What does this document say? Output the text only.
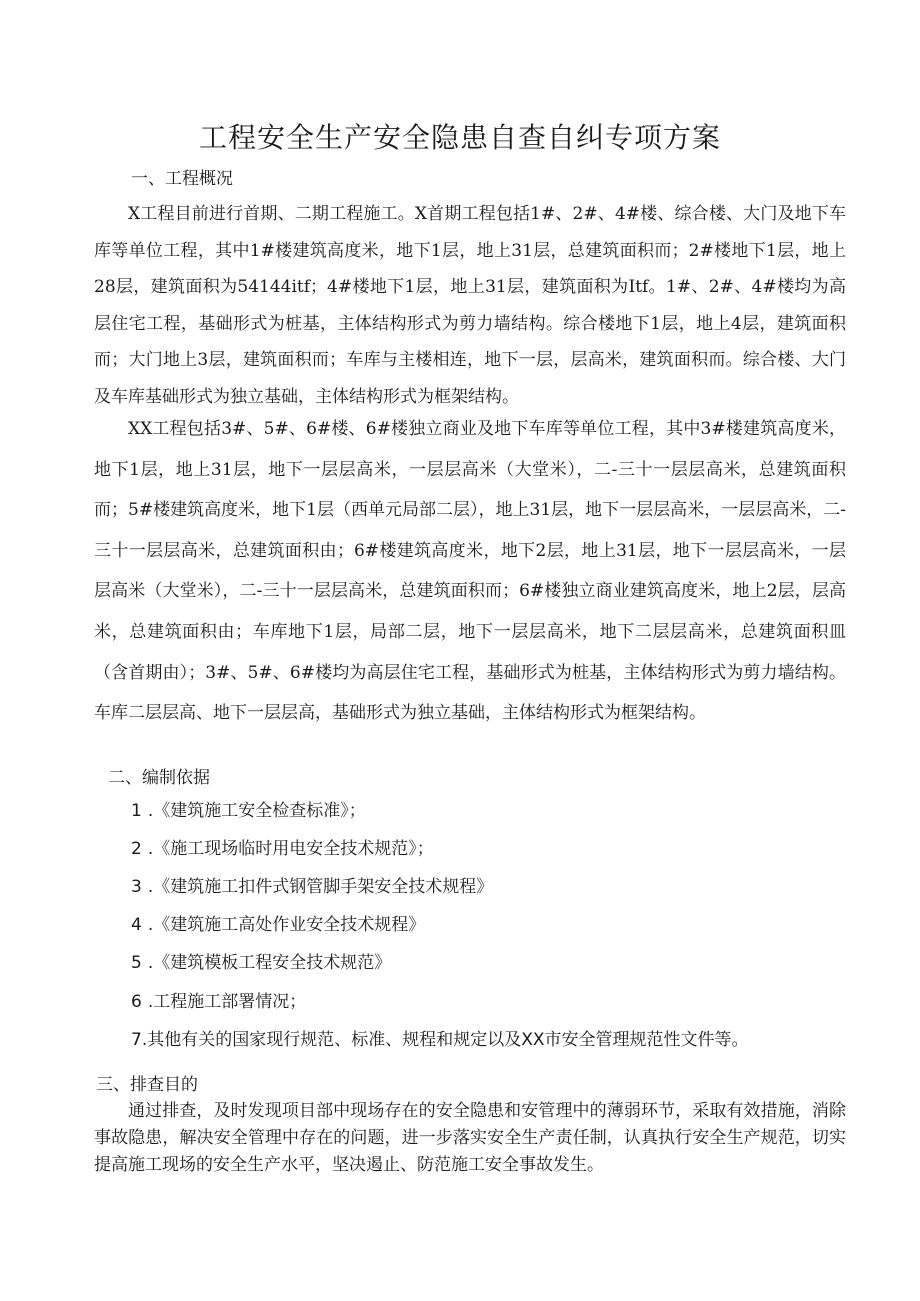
工程安全生产安全隐患自查自纠专项方案
一、工程概况

X工程目前进行首期、二期工程施工。X首期工程包括1#、2#、4#楼、综合楼、大门及地下车库等单位工程，其中1#楼建筑高度米，地下1层，地上31层，总建筑面积而；2#楼地下1层，地上28层，建筑面积为54144itf；4#楼地下1层，地上31层，建筑面积为Itf。1#、2#、4#楼均为高层住宅工程，基础形式为桩基，主体结构形式为剪力墙结构。综合楼地下1层，地上4层，建筑面积而；大门地上3层，建筑面积而；车库与主楼相连，地下一层，层高米，建筑面积而。综合楼、大门及车库基础形式为独立基础，主体结构形式为框架结构。

XX工程包括3#、5#、6#楼、6#楼独立商业及地下车库等单位工程，其中3#楼建筑高度米，地下1层，地上31层，地下一层层高米，一层层高米（大堂米），二-三十一层层高米，总建筑面积而；5#楼建筑高度米，地下1层（西单元局部二层），地上31层，地下一层层高米，一层层高米，二-三十一层层高米，总建筑面积由；6#楼建筑高度米，地下2层，地上31层，地下一层层高米，一层层高米（大堂米），二-三十一层层高米，总建筑面积而；6#楼独立商业建筑高度米，地上2层，层高米，总建筑面积由；车库地下1层，局部二层，地下一层层高米，地下二层层高米，总建筑面积皿（含首期由）；3#、5#、6#楼均为高层住宅工程，基础形式为桩基，主体结构形式为剪力墙结构。车库二层层高、地下一层层高，基础形式为独立基础，主体结构形式为框架结构。

二、编制依据
1 .《建筑施工安全检查标准》；
2 .《施工现场临时用电安全技术规范》；
3 .《建筑施工扣件式钢管脚手架安全技术规程》
4 .《建筑施工高处作业安全技术规程》
5 .《建筑模板工程安全技术规范》
6 .工程施工部署情况；
7.其他有关的国家现行规范、标准、规程和规定以及XX市安全管理规范性文件等。
三、排查目的

通过排查，及时发现项目部中现场存在的安全隐患和安管理中的薄弱环节，采取有效措施，消除事故隐患，解决安全管理中存在的问题，进一步落实安全生产责任制，认真执行安全生产规范，切实提高施工现场的安全生产水平，坚决遏止、防范施工安全事故发生。
